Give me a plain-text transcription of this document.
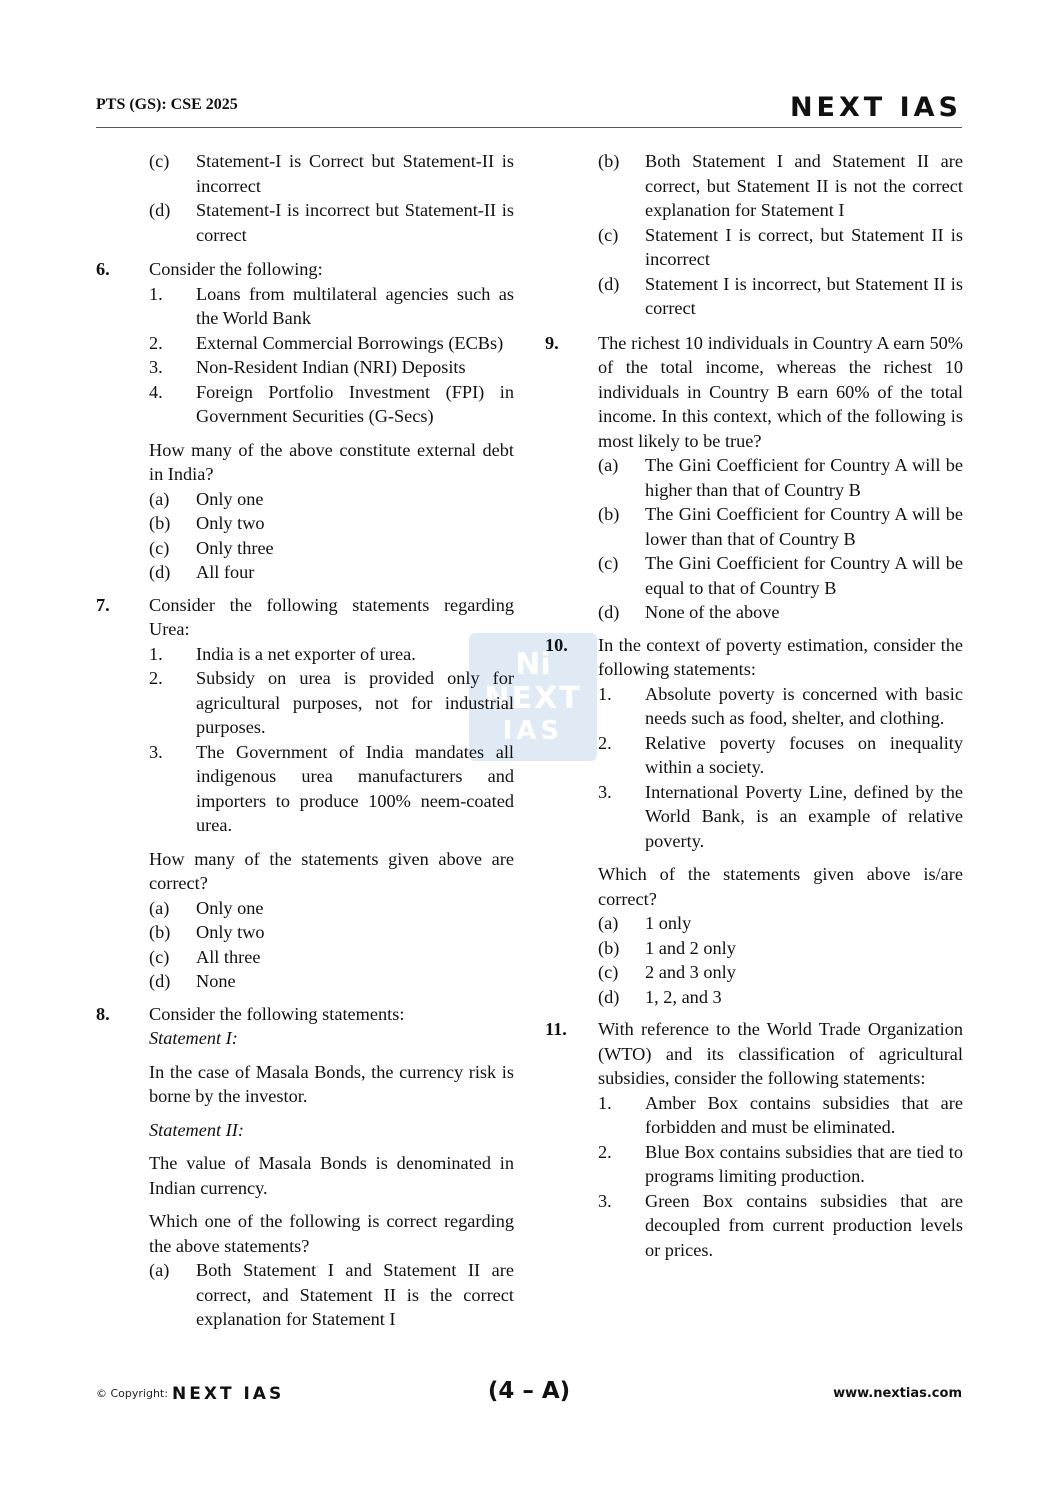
PTS (GS): CSE 2025	NEXT IAS
Ni
NEXT
IAS
(c)	Statement-I is Correct but Statement-II is incorrect
(d)	Statement-I is incorrect but Statement-II is correct
6.	Consider the following:
1.	Loans from multilateral agencies such as the World Bank
2.	External Commercial Borrowings (ECBs)
3.	Non-Resident Indian (NRI) Deposits
4.	Foreign Portfolio Investment (FPI) in Government Securities (G-Secs)
How many of the above constitute external debt in India?
(a)	Only one
(b)	Only two
(c)	Only three
(d)	All four
7.	Consider the following statements regarding Urea:
1.	India is a net exporter of urea.
2.	Subsidy on urea is provided only for agricultural purposes, not for industrial purposes.
3.	The Government of India mandates all indigenous urea manufacturers and importers to produce 100% neem-coated urea.
How many of the statements given above are correct?
(a)	Only one
(b)	Only two
(c)	All three
(d)	None
8.	Consider the following statements:
Statement I:
In the case of Masala Bonds, the currency risk is borne by the investor.
Statement II:
The value of Masala Bonds is denominated in Indian currency.
Which one of the following is correct regarding the above statements?
(a)	Both Statement I and Statement II are correct, and Statement II is the correct explanation for Statement I
(b)	Both Statement I and Statement II are correct, but Statement II is not the correct explanation for Statement I
(c)	Statement I is correct, but Statement II is incorrect
(d)	Statement I is incorrect, but Statement II is correct
9.	The richest 10 individuals in Country A earn 50% of the total income, whereas the richest 10 individuals in Country B earn 60% of the total income. In this context, which of the following is most likely to be true?
(a)	The Gini Coefficient for Country A will be higher than that of Country B
(b)	The Gini Coefficient for Country A will be lower than that of Country B
(c)	The Gini Coefficient for Country A will be equal to that of Country B
(d)	None of the above
10.	In the context of poverty estimation, consider the following statements:
1.	Absolute poverty is concerned with basic needs such as food, shelter, and clothing.
2.	Relative poverty focuses on inequality within a society.
3.	International Poverty Line, defined by the World Bank, is an example of relative poverty.
Which of the statements given above is/are correct?
(a)	1 only
(b)	1 and 2 only
(c)	2 and 3 only
(d)	1, 2, and 3
11.	With reference to the World Trade Organization (WTO) and its classification of agricultural subsidies, consider the following statements:
1.	Amber Box contains subsidies that are forbidden and must be eliminated.
2.	Blue Box contains subsidies that are tied to programs limiting production.
3.	Green Box contains subsidies that are decoupled from current production levels or prices.
© Copyright: NEXT IAS	(4 – A)	www.nextias.com
